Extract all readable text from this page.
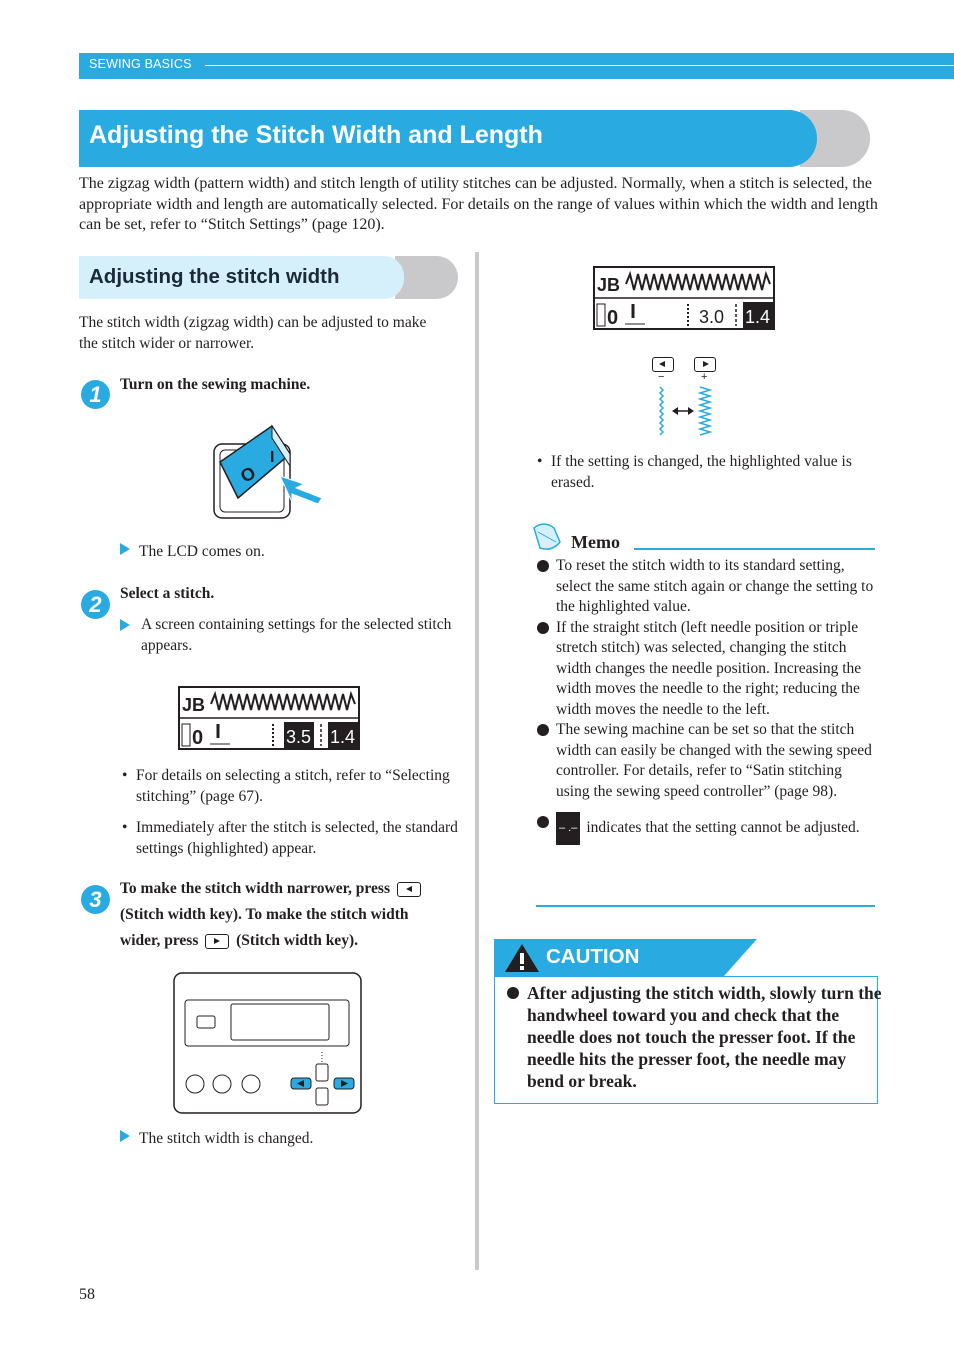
SEWING BASICS
Adjusting the Stitch Width and Length
The zigzag width (pattern width) and stitch length of utility stitches can be adjusted. Normally, when a stitch is selected, the appropriate width and length are automatically selected. For details on the range of values within which the width and length can be set, refer to “Stitch Settings” (page 120).
Adjusting the stitch width
The stitch width (zigzag width) can be adjusted to make the stitch wider or narrower.
1	Turn on the sewing machine.
O
I
The LCD comes on.
2	Select a stitch.
A screen containing settings for the selected stitch appears.
JB
0	3.5 1.4
• For details on selecting a stitch, refer to “Selecting stitching” (page 67).
• Immediately after the stitch is selected, the standard settings (highlighted) appear.
3	To make the stitch width narrower, press
(Stitch width key). To make the stitch width
wider, press (Stitch width key).
The stitch width is changed.
JB
0	3.0 1.4
−	+
• If the setting is changed, the highlighted value is erased.
Memo
To reset the stitch width to its standard setting, select the same stitch again or change the setting to the highlighted value.
If the straight stitch (left needle position or triple stretch stitch) was selected, changing the stitch width changes the needle position. Increasing the width moves the needle to the right; reducing the width moves the needle to the left.
The sewing machine can be set so that the stitch width can easily be changed with the sewing speed controller. For details, refer to “Satin stitching using the sewing speed controller” (page 98).
– .– indicates that the setting cannot be adjusted.
CAUTION
After adjusting the stitch width, slowly turn the handwheel toward you and check that the needle does not touch the presser foot. If the needle hits the presser foot, the needle may bend or break.
58
